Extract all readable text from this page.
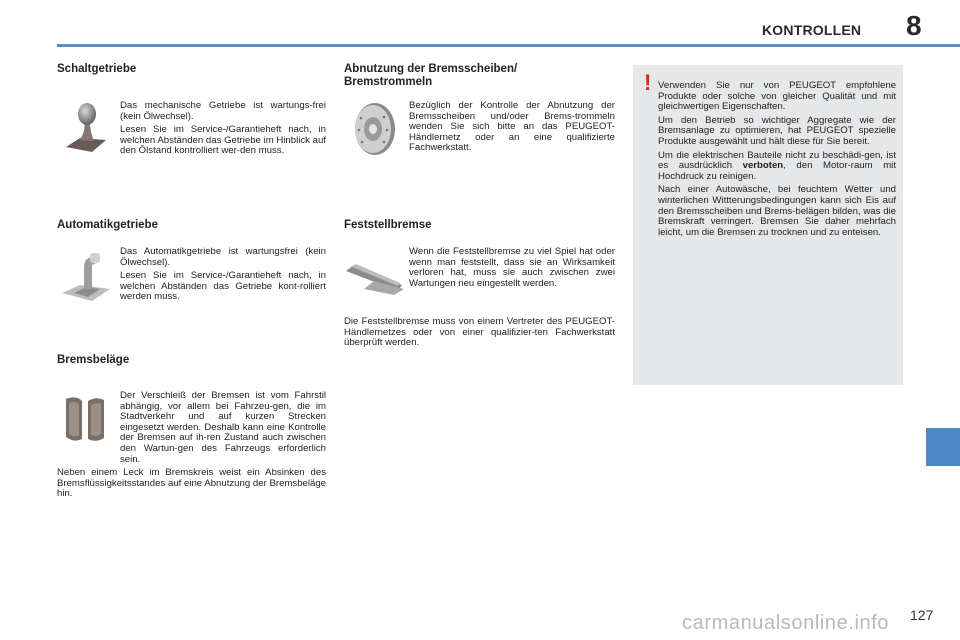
KONTROLLEN 8
Schaltgetriebe

Das mechanische Getriebe ist wartungs-frei (kein Ölwechsel).

Lesen Sie im Service-/Garantieheft nach, in welchen Abständen das Getriebe im Hinblick auf den Ölstand kontrolliert wer-den muss.

Automatikgetriebe

Das Automatikgetriebe ist wartungsfrei (kein Ölwechsel).

Lesen Sie im Service-/Garantieheft nach, in welchen Abständen das Getriebe kont-rolliert werden muss.

Bremsbeläge

Der Verschleiß der Bremsen ist vom Fahrstil abhängig, vor allem bei Fahrzeu-gen, die im Stadtverkehr und auf kurzen Strecken eingesetzt werden. Deshalb kann eine Kontrolle der Bremsen auf ih-ren Zustand auch zwischen den Wartun-gen des Fahrzeugs erforderlich sein.

Neben einem Leck im Bremskreis weist ein Absinken des Bremsflüssigkeitsstandes auf eine Abnutzung der Bremsbeläge hin.

Abnutzung der Bremsscheiben/
Bremstrommeln

Bezüglich der Kontrolle der Abnutzung der Bremsscheiben und/oder Brems-trommeln wenden Sie sich bitte an das PEUGEOT-Händlernetz oder an eine qualifizierte Fachwerkstatt.

Feststellbremse

Wenn die Feststellbremse zu viel Spiel hat oder wenn man feststellt, dass sie an Wirksamkeit verloren hat, muss sie auch zwischen zwei Wartungen neu eingestellt werden.

Die Feststellbremse muss von einem Vertreter des PEUGEOT-Händlernetzes oder von einer qualifizier-ten Fachwerkstatt überprüft werden.

! Verwenden Sie nur von PEUGEOT empfohlene Produkte oder solche von gleicher Qualität und mit gleichwertigen Eigenschaften.

Um den Betrieb so wichtiger Aggregate wie der Bremsanlage zu optimieren, hat PEUGEOT spezielle Produkte ausgewählt und hält diese für Sie bereit.

Um die elektrischen Bauteile nicht zu beschädi-gen, ist es ausdrücklich verboten, den Motor-raum mit Hochdruck zu reinigen.

Nach einer Autowäsche, bei feuchtem Wetter und winterlichen Wittterungsbedingungen kann sich Eis auf den Bremsscheiben und Brems-belägen bilden, was die Bremskraft verringert. Bremsen Sie daher mehrfach leicht, um die Bremsen zu trocknen und zu enteisen.

127
carmanualsonline.info
